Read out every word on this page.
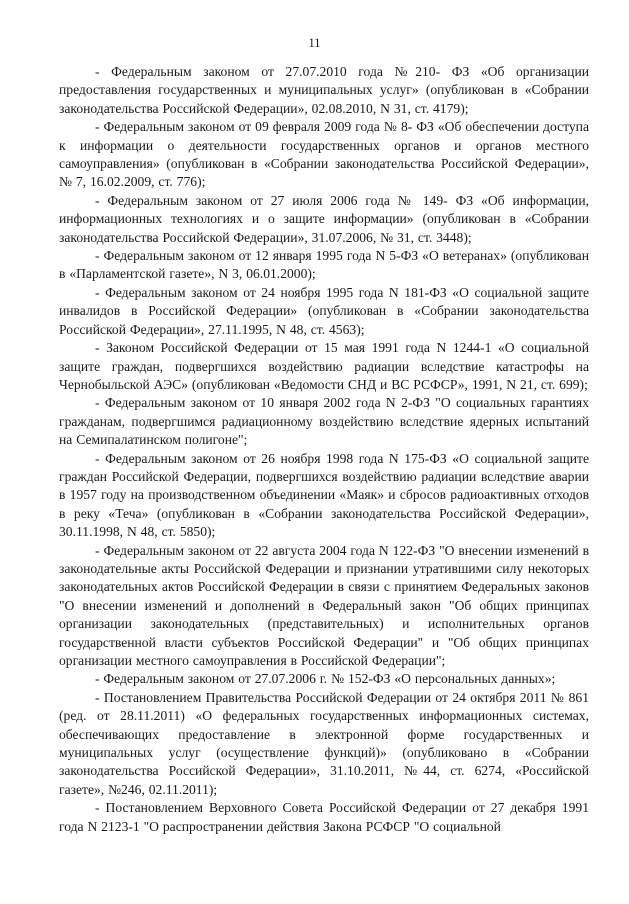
11

- Федеральным законом от 27.07.2010 года №210- ФЗ «Об организации предоставления государственных и муниципальных услуг» (опубликован в «Собрании законодательства Российской Федерации», 02.08.2010, N 31, ст. 4179);

- Федеральным законом от 09 февраля 2009 года № 8- ФЗ «Об обеспечении доступа к информации о деятельности государственных органов и органов местного самоуправления» (опубликован в «Собрании законодательства Российской Федерации», № 7, 16.02.2009, ст. 776);

- Федеральным законом от 27 июля 2006 года № 149- ФЗ «Об информации, информационных технологиях и о защите информации» (опубликован в «Собрании законодательства Российской Федерации», 31.07.2006, № 31, ст. 3448);

- Федеральным законом от 12 января 1995 года N 5-ФЗ «О ветеранах» (опубликован в «Парламентской газете», N 3, 06.01.2000);

- Федеральным законом от 24 ноября 1995 года N 181-ФЗ «О социальной защите инвалидов в Российской Федерации» (опубликован в «Собрании законодательства Российской Федерации», 27.11.1995, N 48, ст. 4563);

- Законом Российской Федерации от 15 мая 1991 года N 1244-1 «О социальной защите граждан, подвергшихся воздействию радиации вследствие катастрофы на Чернобыльской АЭС» (опубликован «Ведомости СНД и ВС РСФСР», 1991, N 21, ст. 699);

- Федеральным законом от 10 января 2002 года N 2-ФЗ "О социальных гарантиях гражданам, подвергшимся радиационному воздействию вследствие ядерных испытаний на Семипалатинском полигоне";

- Федеральным законом от 26 ноября 1998 года N 175-ФЗ «О социальной защите граждан Российской Федерации, подвергшихся воздействию радиации вследствие аварии в 1957 году на производственном объединении «Маяк» и сбросов радиоактивных отходов в реку «Теча» (опубликован в «Собрании законодательства Российской Федерации», 30.11.1998, N 48, ст. 5850);

- Федеральным законом от 22 августа 2004 года N 122-ФЗ "О внесении изменений в законодательные акты Российской Федерации и признании утратившими силу некоторых законодательных актов Российской Федерации в связи с принятием Федеральных законов "О внесении изменений и дополнений в Федеральный закон "Об общих принципах организации законодательных (представительных) и исполнительных органов государственной власти субъектов Российской Федерации" и "Об общих принципах организации местного самоуправления в Российской Федерации";

- Федеральным законом от 27.07.2006 г. № 152-ФЗ «О персональных данных»;

- Постановлением Правительства Российской Федерации от 24 октября 2011 № 861 (ред. от 28.11.2011) «О федеральных государственных информационных системах, обеспечивающих предоставление в электронной форме государственных и муниципальных услуг (осуществление функций)» (опубликовано в «Собрании законодательства Российской Федерации», 31.10.2011, №44, ст. 6274, «Российской газете», №246, 02.11.2011);

- Постановлением Верховного Совета Российской Федерации от 27 декабря 1991 года N 2123-1 "О распространении действия Закона РСФСР "О социальной
